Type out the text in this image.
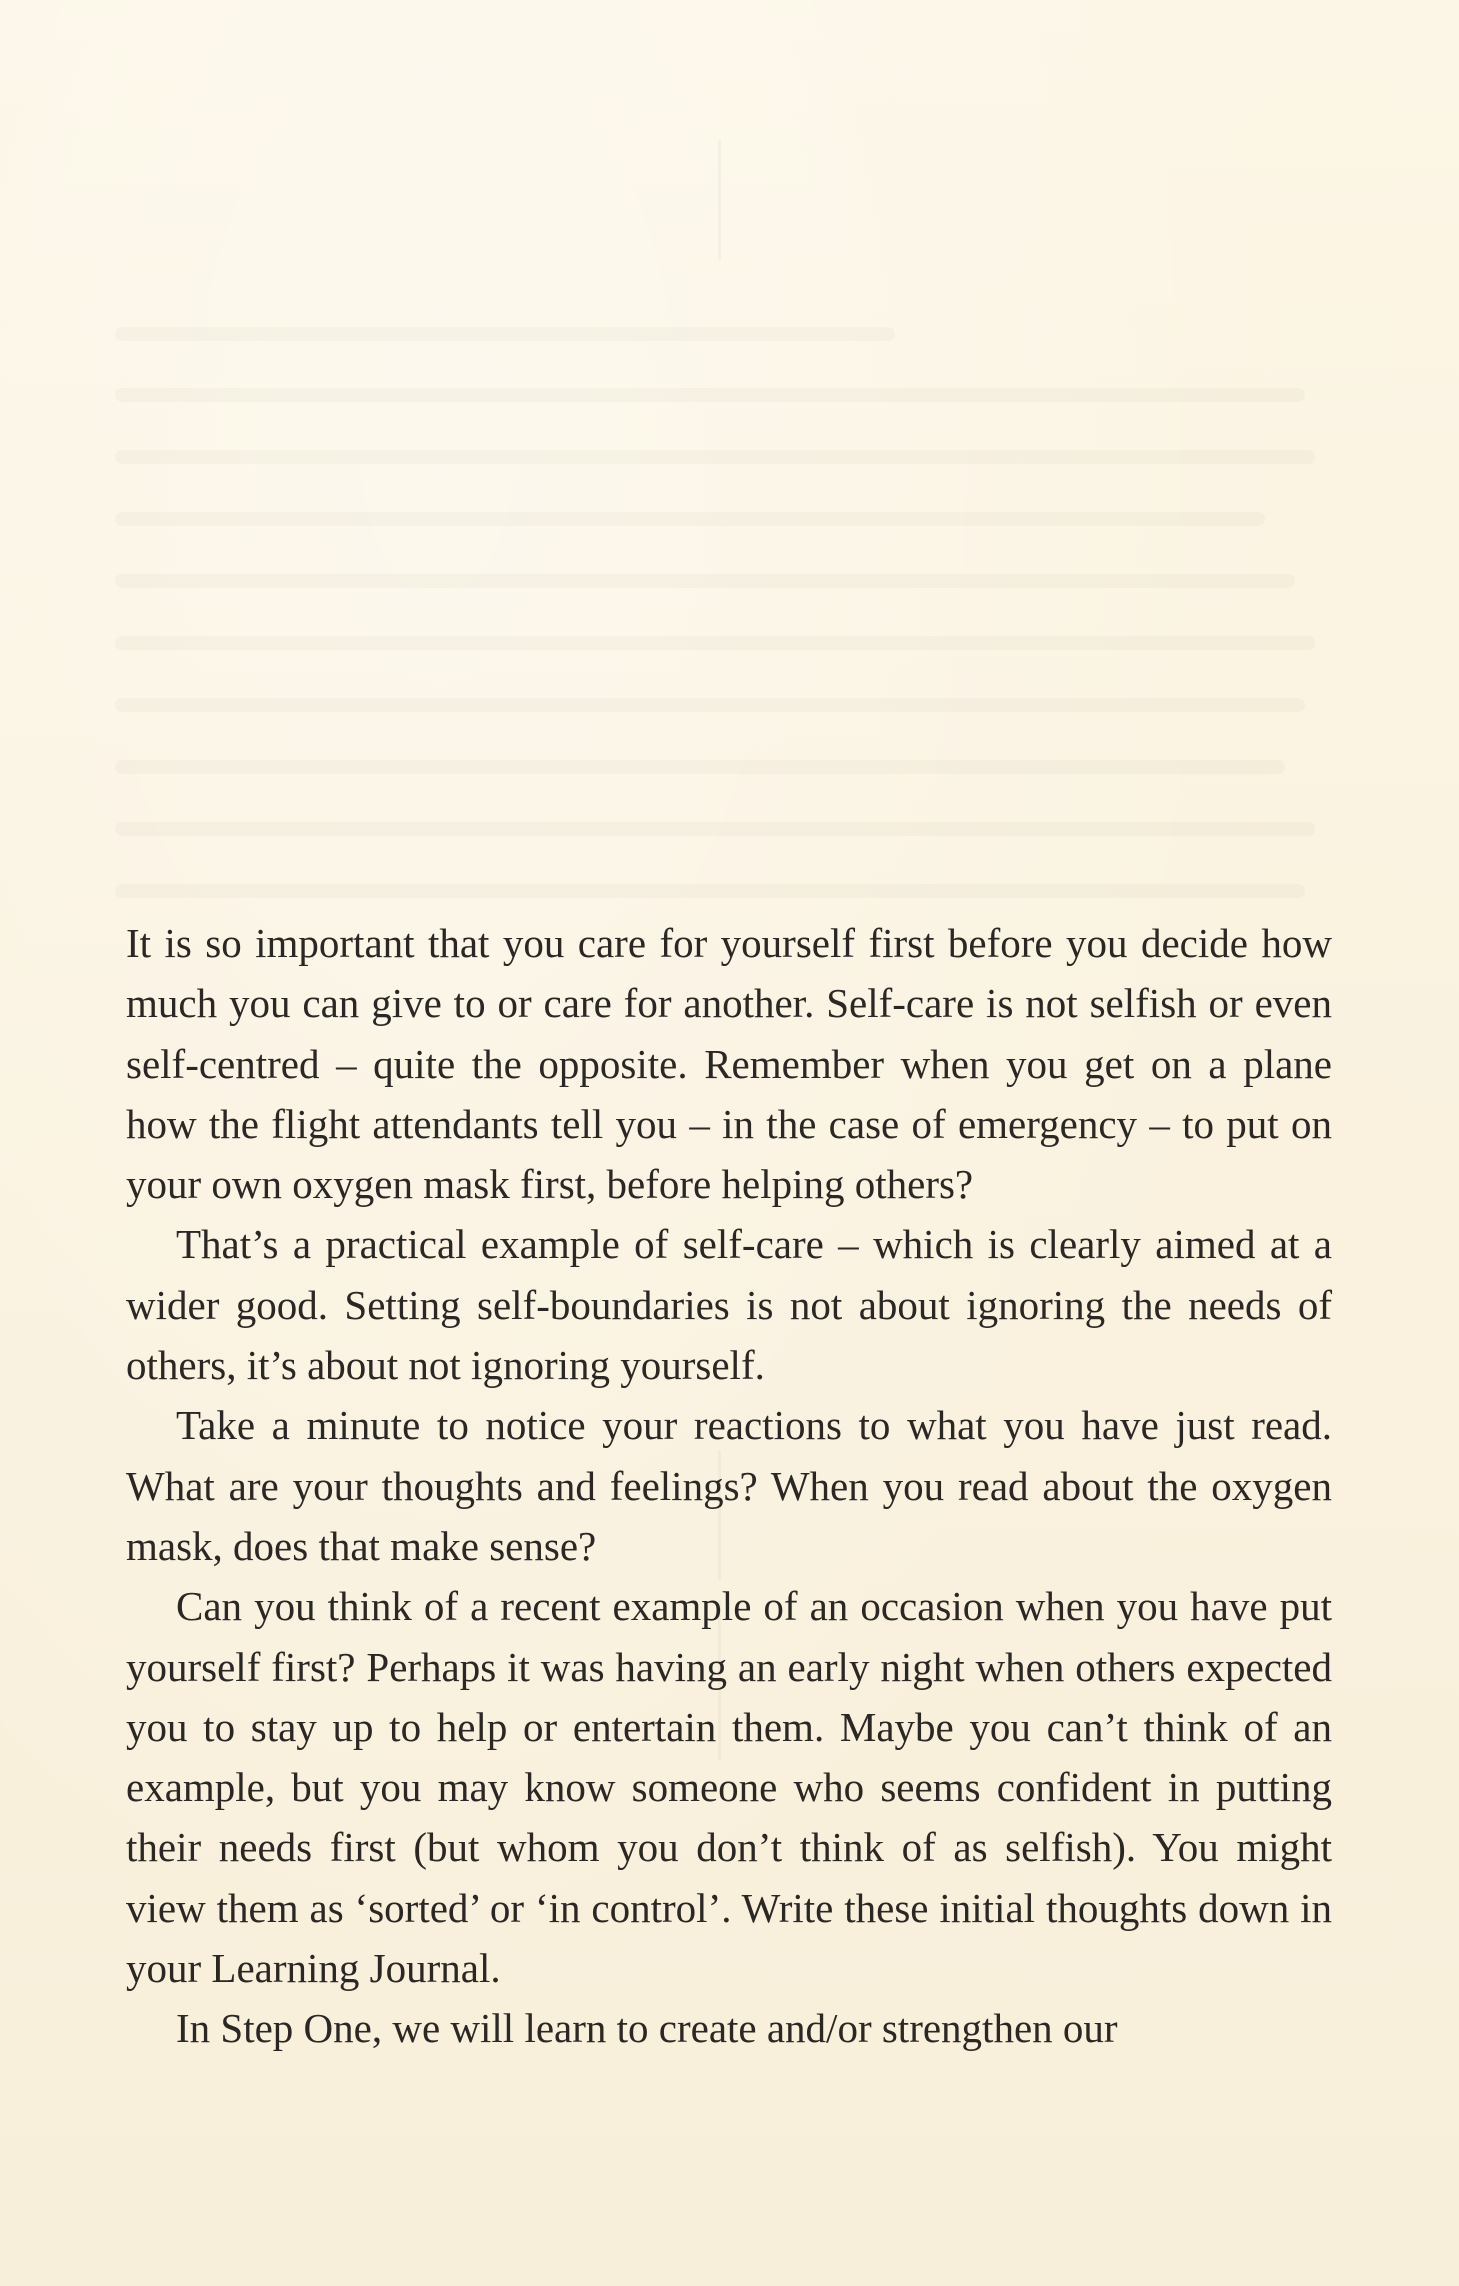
It is so important that you care for yourself first before you decide how much you can give to or care for another. Self-care is not selfish or even self-centred – quite the opposite. Remember when you get on a plane how the flight attendants tell you – in the case of emergency – to put on your own oxygen mask first, before helping others?

That’s a practical example of self-care – which is clearly aimed at a wider good. Setting self-boundaries is not about ignoring the needs of others, it’s about not ignoring yourself.

Take a minute to notice your reactions to what you have just read. What are your thoughts and feelings? When you read about the oxygen mask, does that make sense?

Can you think of a recent example of an occasion when you have put yourself first? Perhaps it was having an early night when others expected you to stay up to help or entertain them. Maybe you can’t think of an example, but you may know someone who seems confident in putting their needs first (but whom you don’t think of as selfish). You might view them as ‘sorted’ or ‘in control’. Write these initial thoughts down in your Learning Journal.

In Step One, we will learn to create and/or strengthen our
